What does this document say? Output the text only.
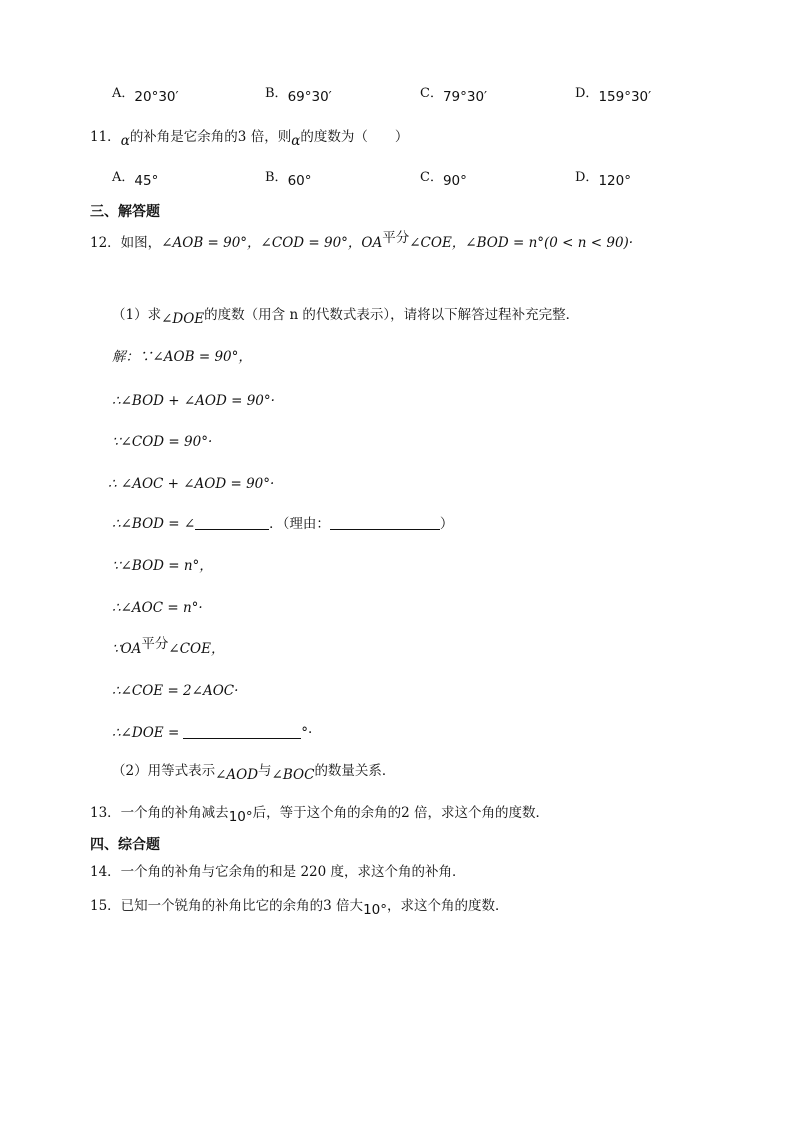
A．20°30′	B．69°30′	C．79°30′	D．159°30′
11．α的补角是它余角的3 倍，则α的度数为（　　）
A．45°	B．60°	C．90°	D．120°
三、解答题
12．如图，∠AOB = 90°，∠COD = 90°，OA平分∠COE，∠BOD = n°(0 < n < 90)·
（1）求∠DOE的度数（用含 n 的代数式表示），请将以下解答过程补充完整．
解：∵∠AOB = 90°，
∴∠BOD + ∠AOD = 90°·
∵∠COD = 90°·
∴ ∠AOC + ∠AOD = 90°·
∴∠BOD = ∠	．（理由：	）
∵∠BOD = n°，
∴∠AOC = n°·
∵OA平分∠COE，
∴∠COE = 2∠AOC·
∴∠DOE =	°·
（2）用等式表示∠AOD与∠BOC的数量关系．
13．一个角的补角减去10°后，等于这个角的余角的2 倍，求这个角的度数．
四、综合题
14．一个角的补角与它余角的和是 220 度，求这个角的补角．
15．已知一个锐角的补角比它的余角的3 倍大10°，求这个角的度数．
